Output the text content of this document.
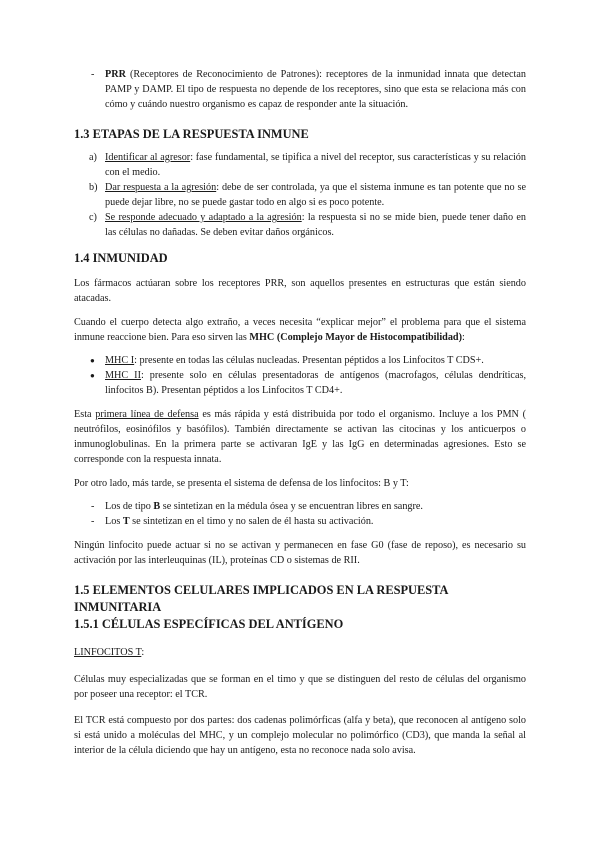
- PRR (Receptores de Reconocimiento de Patrones): receptores de la inmunidad innata que detectan PAMP y DAMP. El tipo de respuesta no depende de los receptores, sino que esta se relaciona más con cómo y cuándo nuestro organismo es capaz de responder ante la situación.
1.3 ETAPAS DE LA RESPUESTA INMUNE
a) Identificar al agresor: fase fundamental, se tipifica a nivel del receptor, sus características y su relación con el medio.
b) Dar respuesta a la agresión: debe de ser controlada, ya que el sistema inmune es tan potente que no se puede dejar libre, no se puede gastar todo en algo si es poco potente.
c) Se responde adecuado y adaptado a la agresión: la respuesta si no se mide bien, puede tener daño en las células no dañadas. Se deben evitar daños orgánicos.
1.4 INMUNIDAD

Los fármacos actúaran sobre los receptores PRR, son aquellos presentes en estructuras que están siendo atacadas.

Cuando el cuerpo detecta algo extraño, a veces necesita “explicar mejor” el problema para que el sistema inmune reaccione bien. Para eso sirven las MHC (Complejo Mayor de Histocompatibilidad):

● MHC I: presente en todas las células nucleadas. Presentan péptidos a los Linfocitos T CDS+.
● MHC II: presente solo en células presentadoras de antígenos (macrofagos, células dendríticas, linfocitos B). Presentan péptidos a los Linfocitos T CD4+.

Esta primera línea de defensa es más rápida y está distribuida por todo el organismo. Incluye a los PMN ( neutrófilos, eosinófilos y basófilos). También directamente se activan las citocinas y los anticuerpos o inmunoglobulinas. En la primera parte se activaran IgE y las IgG en determinadas agresiones. Esto se corresponde con la respuesta innata.

Por otro lado, más tarde, se presenta el sistema de defensa de los linfocitos: B y T:

- Los de tipo B se sintetizan en la médula ósea y se encuentran libres en sangre.
- Los T se sintetizan en el timo y no salen de él hasta su activación.

Ningún linfocito puede actuar si no se activan y permanecen en fase G0 (fase de reposo), es necesario su activación por las interleuquinas (IL), proteínas CD o sistemas de RII.

1.5 ELEMENTOS CELULARES IMPLICADOS EN LA RESPUESTA INMUNITARIA
1.5.1 CÉLULAS ESPECÍFICAS DEL ANTÍGENO

LINFOCITOS T:

Células muy especializadas que se forman en el timo y que se distinguen del resto de células del organismo por poseer una receptor: el TCR.

El TCR está compuesto por dos partes: dos cadenas polimórficas (alfa y beta), que reconocen al antígeno solo si está unido a moléculas del MHC, y un complejo molecular no polimórfico (CD3), que manda la señal al interior de la célula diciendo que hay un antígeno, esta no reconoce nada solo avisa.
